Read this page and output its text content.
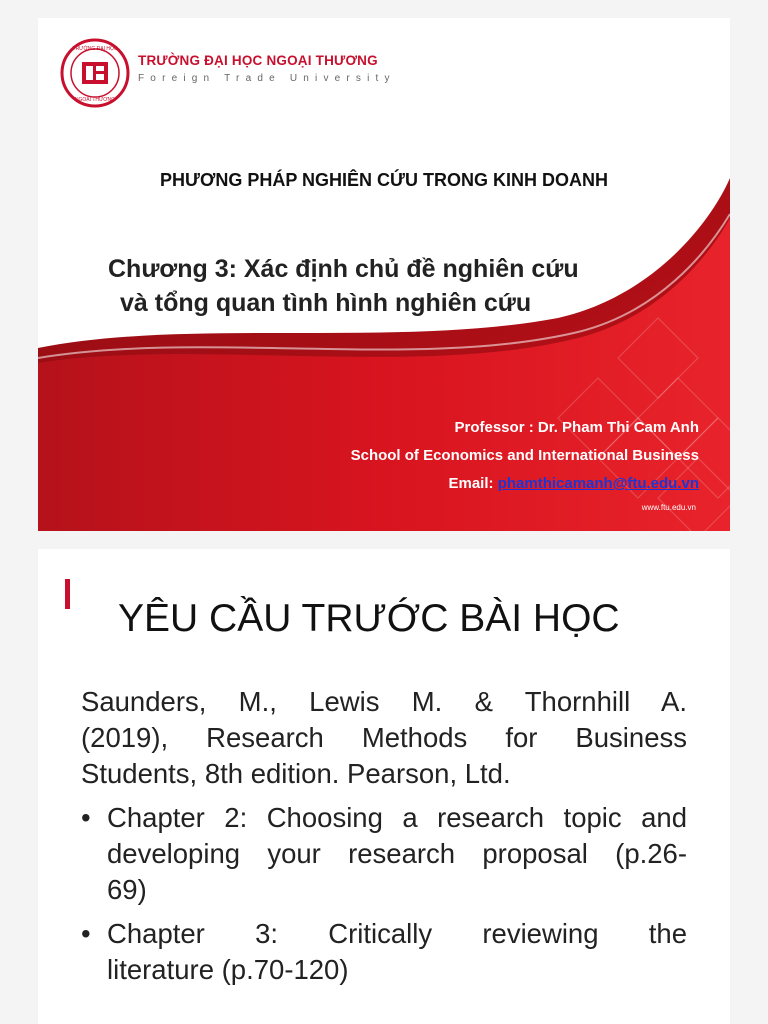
TRƯỜNG ĐẠI HỌC
NGOẠI THƯƠNG
TRƯỜNG ĐẠI HỌC NGOẠI THƯƠNG
Foreign Trade University
PHƯƠNG PHÁP NGHIÊN CỨU TRONG KINH DOANH
Chương 3: Xác định chủ đề nghiên cứu
và tổng quan tình hình nghiên cứu
Professor : Dr. Pham Thi Cam Anh
School of Economics and International Business
Email: phamthicamanh@ftu.edu.vn
www.ftu.edu.vn
YÊU CẦU TRƯỚC BÀI HỌC
Saunders, M., Lewis M. & Thornhill A.
(2019), Research Methods for Business
Students, 8th edition. Pearson, Ltd.
• Chapter 2: Choosing a research topic and
developing your research proposal (p.26-
69)
• Chapter 3: Critically reviewing the
literature (p.70-120)
